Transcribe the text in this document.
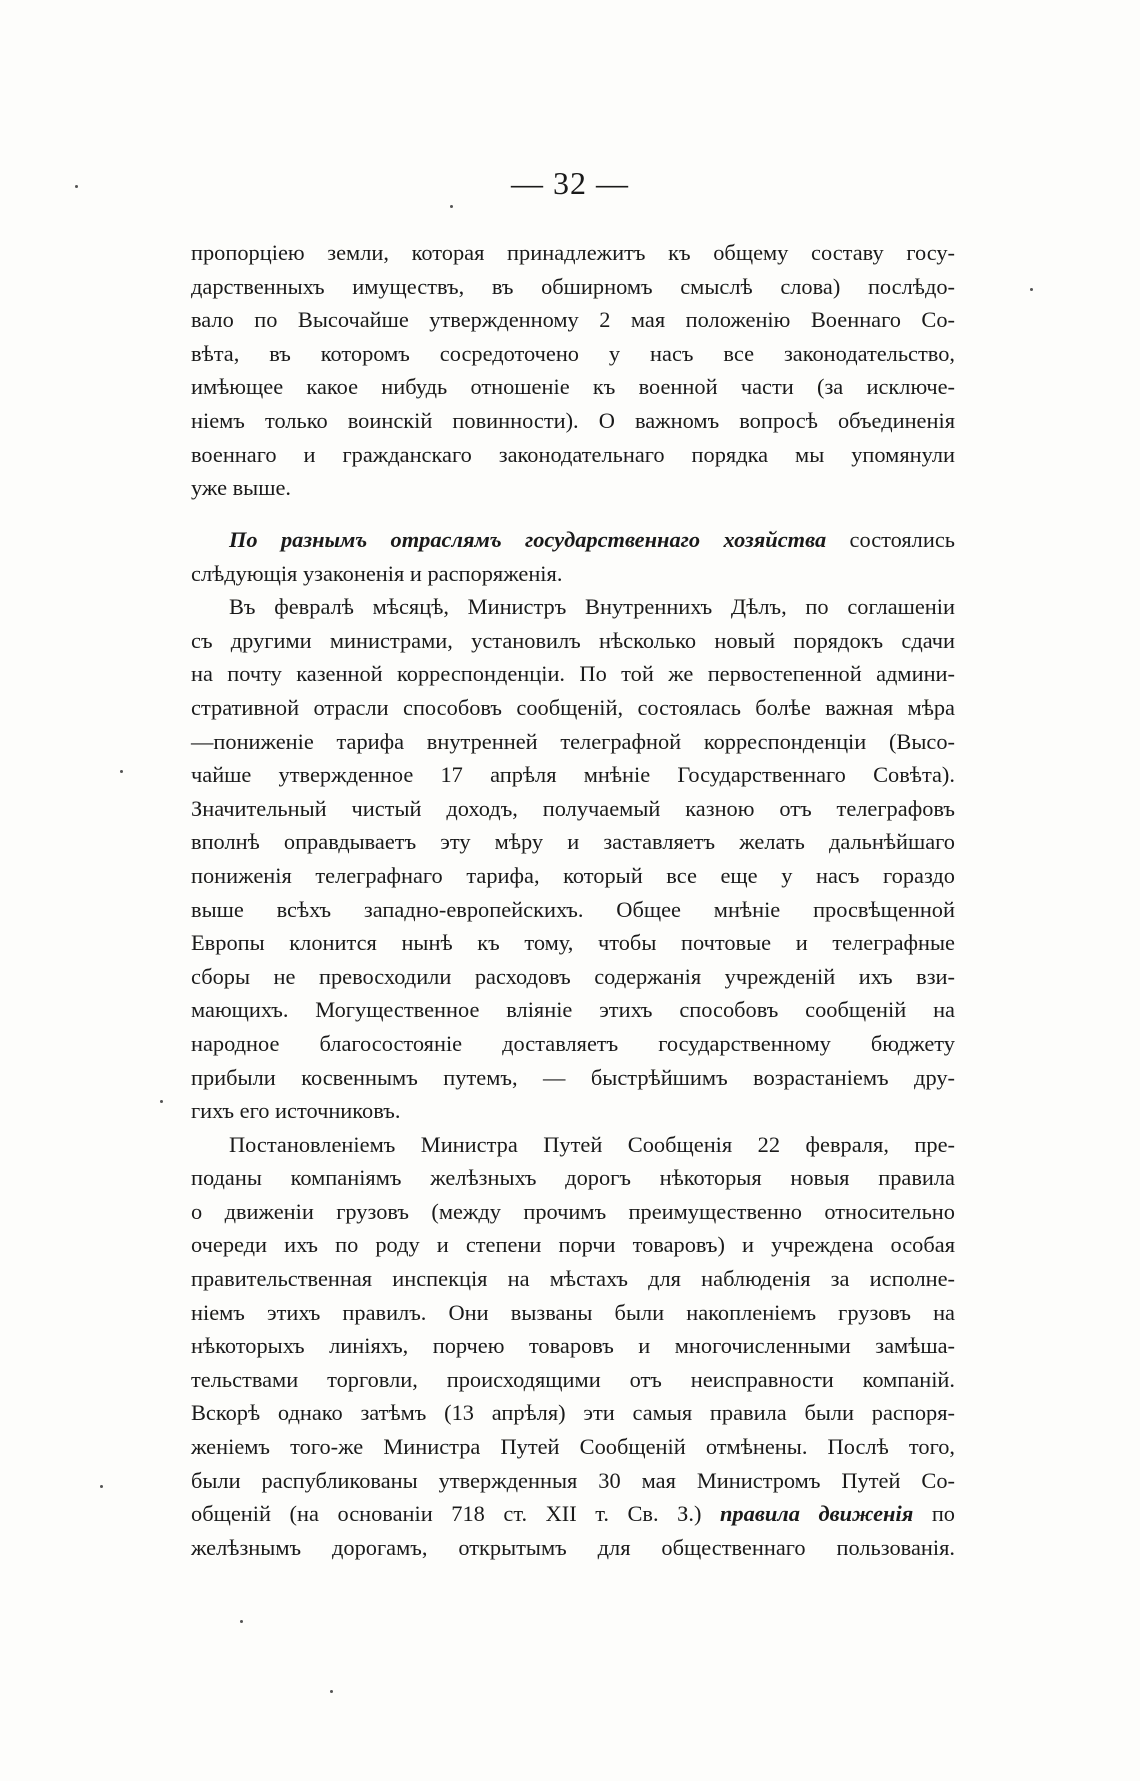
— 32 —
пропорціею земли, которая принадлежитъ къ общему составу госу-
дарственныхъ имуществъ, въ обширномъ смыслѣ слова) послѣдо-
вало по Высочайше утвержденному 2 мая положенію Военнаго Со-
вѣта, въ которомъ сосредоточено у насъ все законодательство,
имѣющее какое нибудь отношеніе къ военной части (за исключе-
ніемъ только воинскій повинности). О важномъ вопросѣ объединенія
военнаго и гражданскаго законодательнаго порядка мы упомянули
уже выше.
По разнымъ отраслямъ государственнаго хозяйства состоялись
слѣдующія узаконенія и распоряженія.
Въ февралѣ мѣсяцѣ, Министръ Внутреннихъ Дѣлъ, по соглашеніи
съ другими министрами, установилъ нѣсколько новый порядокъ сдачи
на почту казенной корреспонденціи. По той же первостепенной админи-
стративной отрасли способовъ сообщеній, состоялась болѣе важная мѣра
—пониженіе тарифа внутренней телеграфной корреспонденціи (Высо-
чайше утвержденное 17 апрѣля мнѣніе Государственнаго Совѣта).
Значительный чистый доходъ, получаемый казною отъ телеграфовъ
вполнѣ оправдываетъ эту мѣру и заставляетъ желать дальнѣйшаго
пониженія телеграфнаго тарифа, который все еще у насъ гораздо
выше всѣхъ западно-европейскихъ. Общее мнѣніе просвѣщенной
Европы клонится нынѣ къ тому, чтобы почтовые и телеграфные
сборы не превосходили расходовъ содержанія учрежденій ихъ взи-
мающихъ. Могущественное вліяніе этихъ способовъ сообщеній на
народное благосостояніе доставляетъ государственному бюджету
прибыли косвеннымъ путемъ, — быстрѣйшимъ возрастаніемъ дру-
гихъ его источниковъ.
Постановленіемъ Министра Путей Сообщенія 22 февраля, пре-
поданы компаніямъ желѣзныхъ дорогъ нѣкоторыя новыя правила
о движеніи грузовъ (между прочимъ преимущественно относительно
очереди ихъ по роду и степени порчи товаровъ) и учреждена особая
правительственная инспекція на мѣстахъ для наблюденія за исполне-
ніемъ этихъ правилъ. Они вызваны были накопленіемъ грузовъ на
нѣкоторыхъ линіяхъ, порчею товаровъ и многочисленными замѣша-
тельствами торговли, происходящими отъ неисправности компаній.
Вскорѣ однако затѣмъ (13 апрѣля) эти самыя правила были распоря-
женіемъ того-же Министра Путей Сообщеній отмѣнены. Послѣ того,
были распубликованы утвержденныя 30 мая Министромъ Путей Со-
общеній (на основаніи 718 ст. XII т. Св. З.) правила движенія по
желѣзнымъ дорогамъ, открытымъ для общественнаго пользованія.
